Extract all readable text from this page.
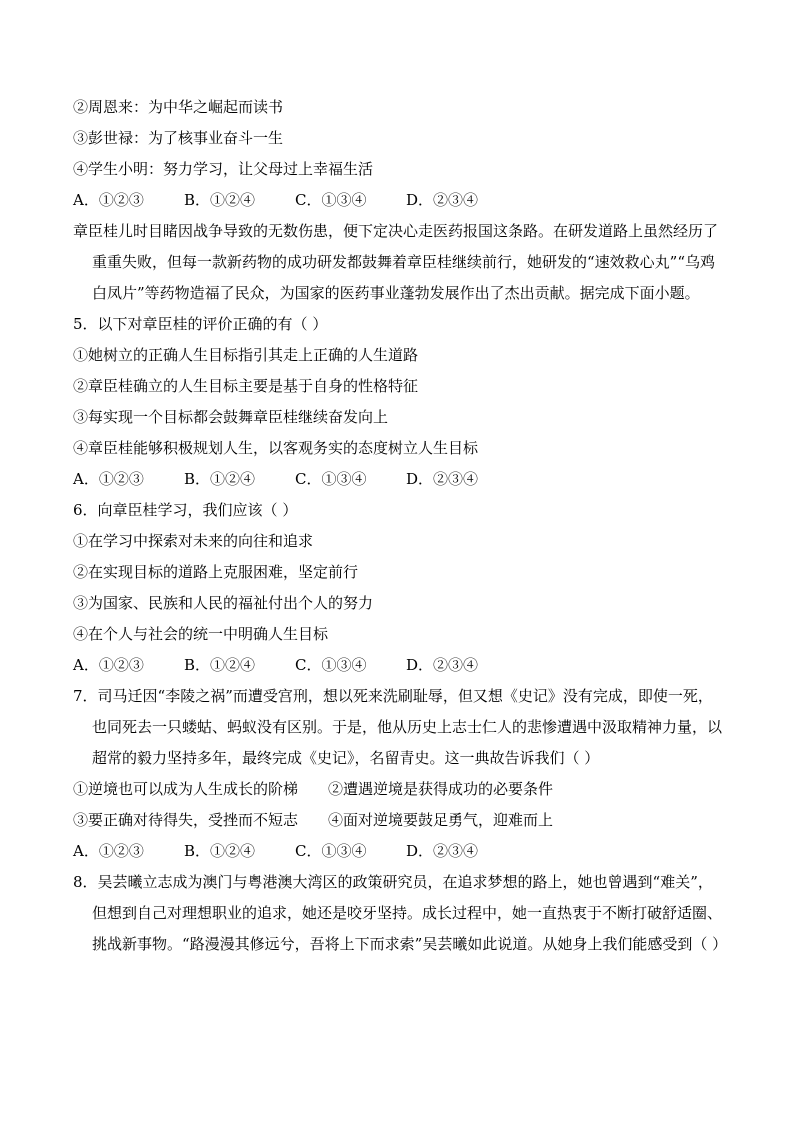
②周恩来：为中华之崛起而读书
③彭世禄：为了核事业奋斗一生
④学生小明：努力学习，让父母过上幸福生活
A．①②③	B．①②④	C．①③④	D．②③④
章臣桂儿时目睹因战争导致的无数伤患，便下定决心走医药报国这条路。在研发道路上虽然经历了重重失败，但每一款新药物的成功研发都鼓舞着章臣桂继续前行，她研发的“速效救心丸”“乌鸡白凤片”等药物造福了民众，为国家的医药事业蓬勃发展作出了杰出贡献。据完成下面小题。
5．以下对章臣桂的评价正确的有（ ）
①她树立的正确人生目标指引其走上正确的人生道路
②章臣桂确立的人生目标主要是基于自身的性格特征
③每实现一个目标都会鼓舞章臣桂继续奋发向上
④章臣桂能够积极规划人生，以客观务实的态度树立人生目标
A．①②③	B．①②④	C．①③④	D．②③④
6．向章臣桂学习，我们应该（ ）
①在学习中探索对未来的向往和追求
②在实现目标的道路上克服困难，坚定前行
③为国家、民族和人民的福祉付出个人的努力
④在个人与社会的统一中明确人生目标
A．①②③	B．①②④	C．①③④	D．②③④
7．司马迁因“李陵之祸”而遭受宫刑，想以死来洗刷耻辱，但又想《史记》没有完成，即使一死，也同死去一只蝼蛄、蚂蚁没有区别。于是，他从历史上志士仁人的悲惨遭遇中汲取精神力量，以超常的毅力坚持多年，最终完成《史记》，名留青史。这一典故告诉我们（ ）
①逆境也可以成为人生成长的阶梯	②遭遇逆境是获得成功的必要条件
③要正确对待得失，受挫而不短志	④面对逆境要鼓足勇气，迎难而上
A．①②③	B．①②④	C．①③④	D．②③④
8．吴芸曦立志成为澳门与粤港澳大湾区的政策研究员，在追求梦想的路上，她也曾遇到“难关”，但想到自己对理想职业的追求，她还是咬牙坚持。成长过程中，她一直热衷于不断打破舒适圈、挑战新事物。“路漫漫其修远兮，吾将上下而求索”吴芸曦如此说道。从她身上我们能感受到（ ）
